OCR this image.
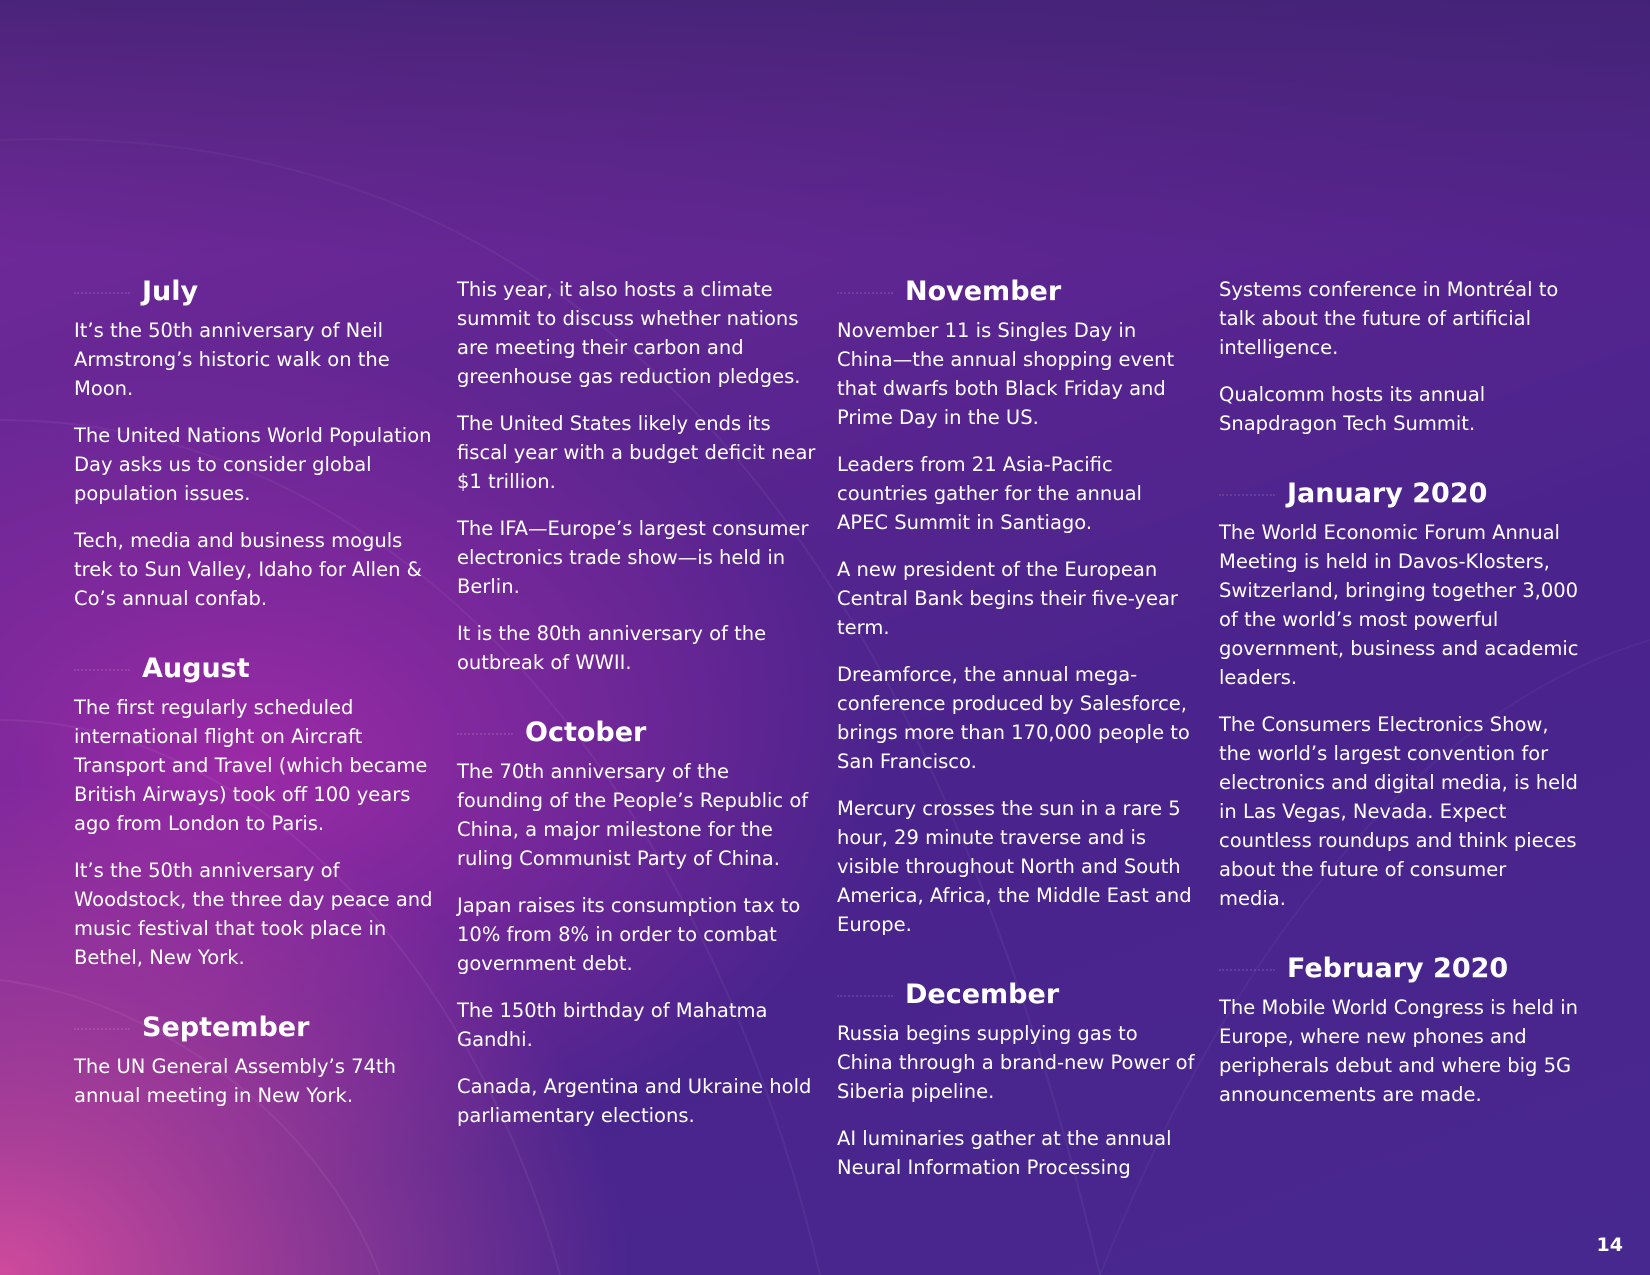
July

It’s the 50th anniversary of Neil Armstrong’s historic walk on the Moon.

The United Nations World Population Day asks us to consider global population issues.

Tech, media and business moguls trek to Sun Valley, Idaho for Allen & Co’s annual confab.

August

The first regularly scheduled international flight on Aircraft Transport and Travel (which became British Airways) took off 100 years ago from London to Paris.

It’s the 50th anniversary of Woodstock, the three day peace and music festival that took place in Bethel, New York.

September

The UN General Assembly’s 74th annual meeting in New York.

This year, it also hosts a climate summit to discuss whether nations are meeting their carbon and greenhouse gas reduction pledges.

The United States likely ends its fiscal year with a budget deficit near $1 trillion.

The IFA—Europe’s largest consumer electronics trade show—is held in Berlin.

It is the 80th anniversary of the outbreak of WWII.

October

The 70th anniversary of the founding of the People’s Republic of China, a major milestone for the ruling Communist Party of China.

Japan raises its consumption tax to 10% from 8% in order to combat government debt.

The 150th birthday of Mahatma Gandhi.

Canada, Argentina and Ukraine hold parliamentary elections.

November

November 11 is Singles Day in China—the annual shopping event that dwarfs both Black Friday and Prime Day in the US.

Leaders from 21 Asia-Pacific countries gather for the annual APEC Summit in Santiago.

A new president of the European Central Bank begins their five-year term.

Dreamforce, the annual mega-conference produced by Salesforce, brings more than 170,000 people to San Francisco.

Mercury crosses the sun in a rare 5 hour, 29 minute traverse and is visible throughout North and South America, Africa, the Middle East and Europe.

December

Russia begins supplying gas to China through a brand-new Power of Siberia pipeline.

AI luminaries gather at the annual Neural Information Processing

Systems conference in Montréal to talk about the future of artificial intelligence.

Qualcomm hosts its annual Snapdragon Tech Summit.

January 2020

The World Economic Forum Annual Meeting is held in Davos-Klosters, Switzerland, bringing together 3,000 of the world’s most powerful government, business and academic leaders.

The Consumers Electronics Show, the world’s largest convention for electronics and digital media, is held in Las Vegas, Nevada. Expect countless roundups and think pieces about the future of consumer media.

February 2020

The Mobile World Congress is held in Europe, where new phones and peripherals debut and where big 5G announcements are made.

14
